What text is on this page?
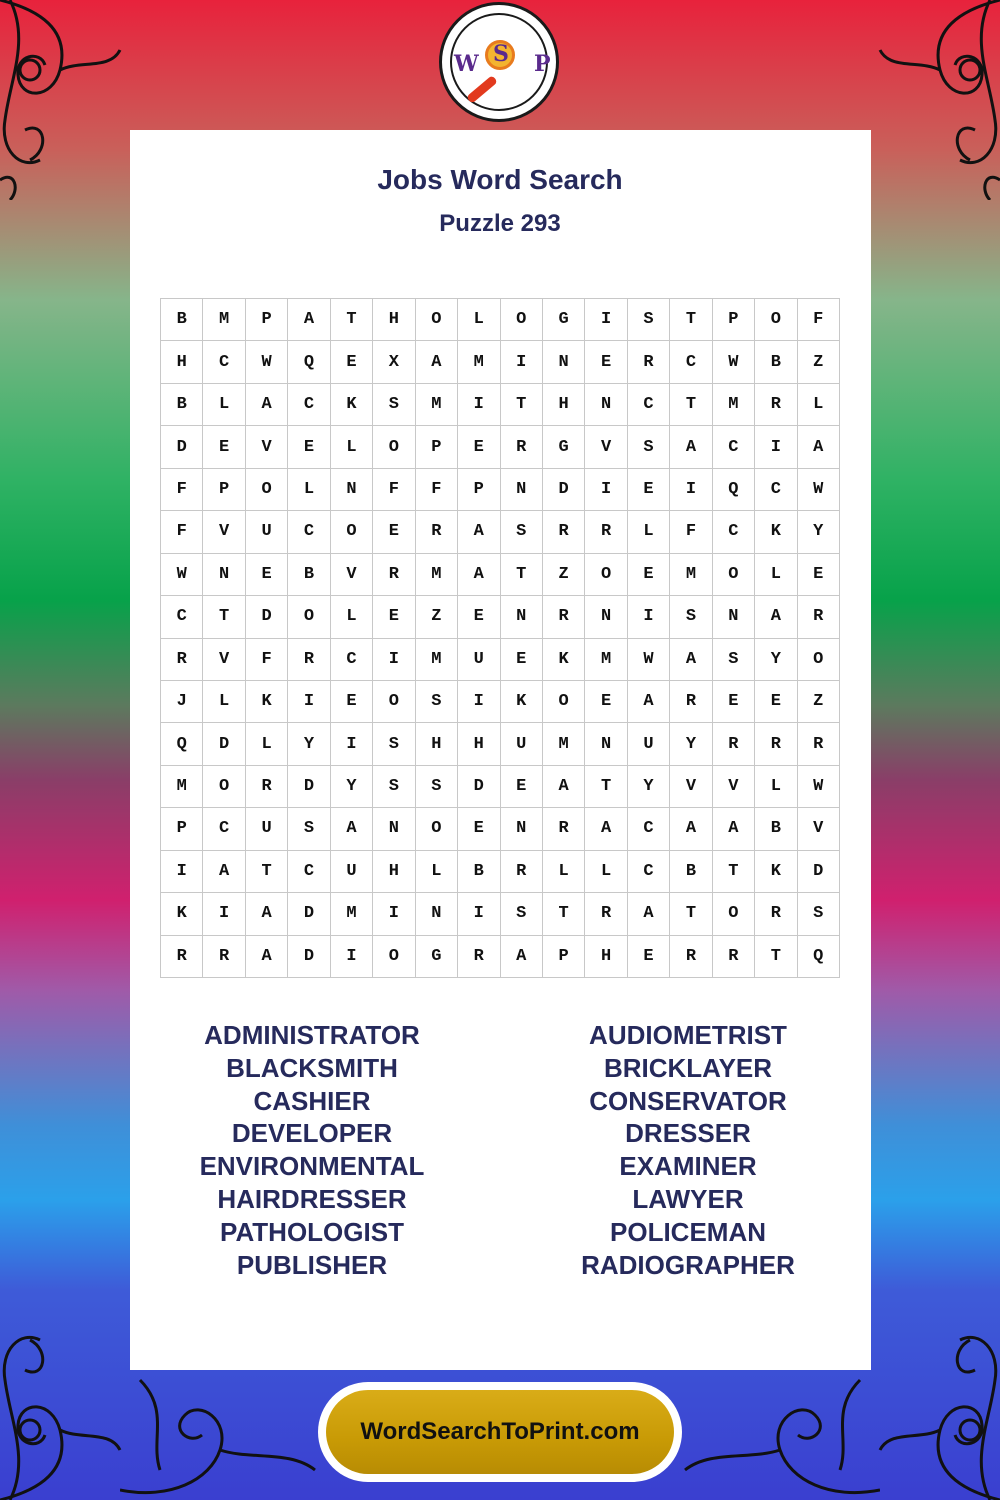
W S P
Jobs Word Search
Puzzle 293
B	M	P	A	T	H	O	L	O	G	I	S	T	P	O	F
H	C	W	Q	E	X	A	M	I	N	E	R	C	W	B	Z
B	L	A	C	K	S	M	I	T	H	N	C	T	M	R	L
D	E	V	E	L	O	P	E	R	G	V	S	A	C	I	A
F	P	O	L	N	F	F	P	N	D	I	E	I	Q	C	W
F	V	U	C	O	E	R	A	S	R	R	L	F	C	K	Y
W	N	E	B	V	R	M	A	T	Z	O	E	M	O	L	E
C	T	D	O	L	E	Z	E	N	R	N	I	S	N	A	R
R	V	F	R	C	I	M	U	E	K	M	W	A	S	Y	O
J	L	K	I	E	O	S	I	K	O	E	A	R	E	E	Z
Q	D	L	Y	I	S	H	H	U	M	N	U	Y	R	R	R
M	O	R	D	Y	S	S	D	E	A	T	Y	V	V	L	W
P	C	U	S	A	N	O	E	N	R	A	C	A	A	B	V
I	A	T	C	U	H	L	B	R	L	L	C	B	T	K	D
K	I	A	D	M	I	N	I	S	T	R	A	T	O	R	S
R	R	A	D	I	O	G	R	A	P	H	E	R	R	T	Q
ADMINISTRATOR
BLACKSMITH
CASHIER
DEVELOPER
ENVIRONMENTAL
HAIRDRESSER
PATHOLOGIST
PUBLISHER
AUDIOMETRIST
BRICKLAYER
CONSERVATOR
DRESSER
EXAMINER
LAWYER
POLICEMAN
RADIOGRAPHER
WordSearchToPrint.com
